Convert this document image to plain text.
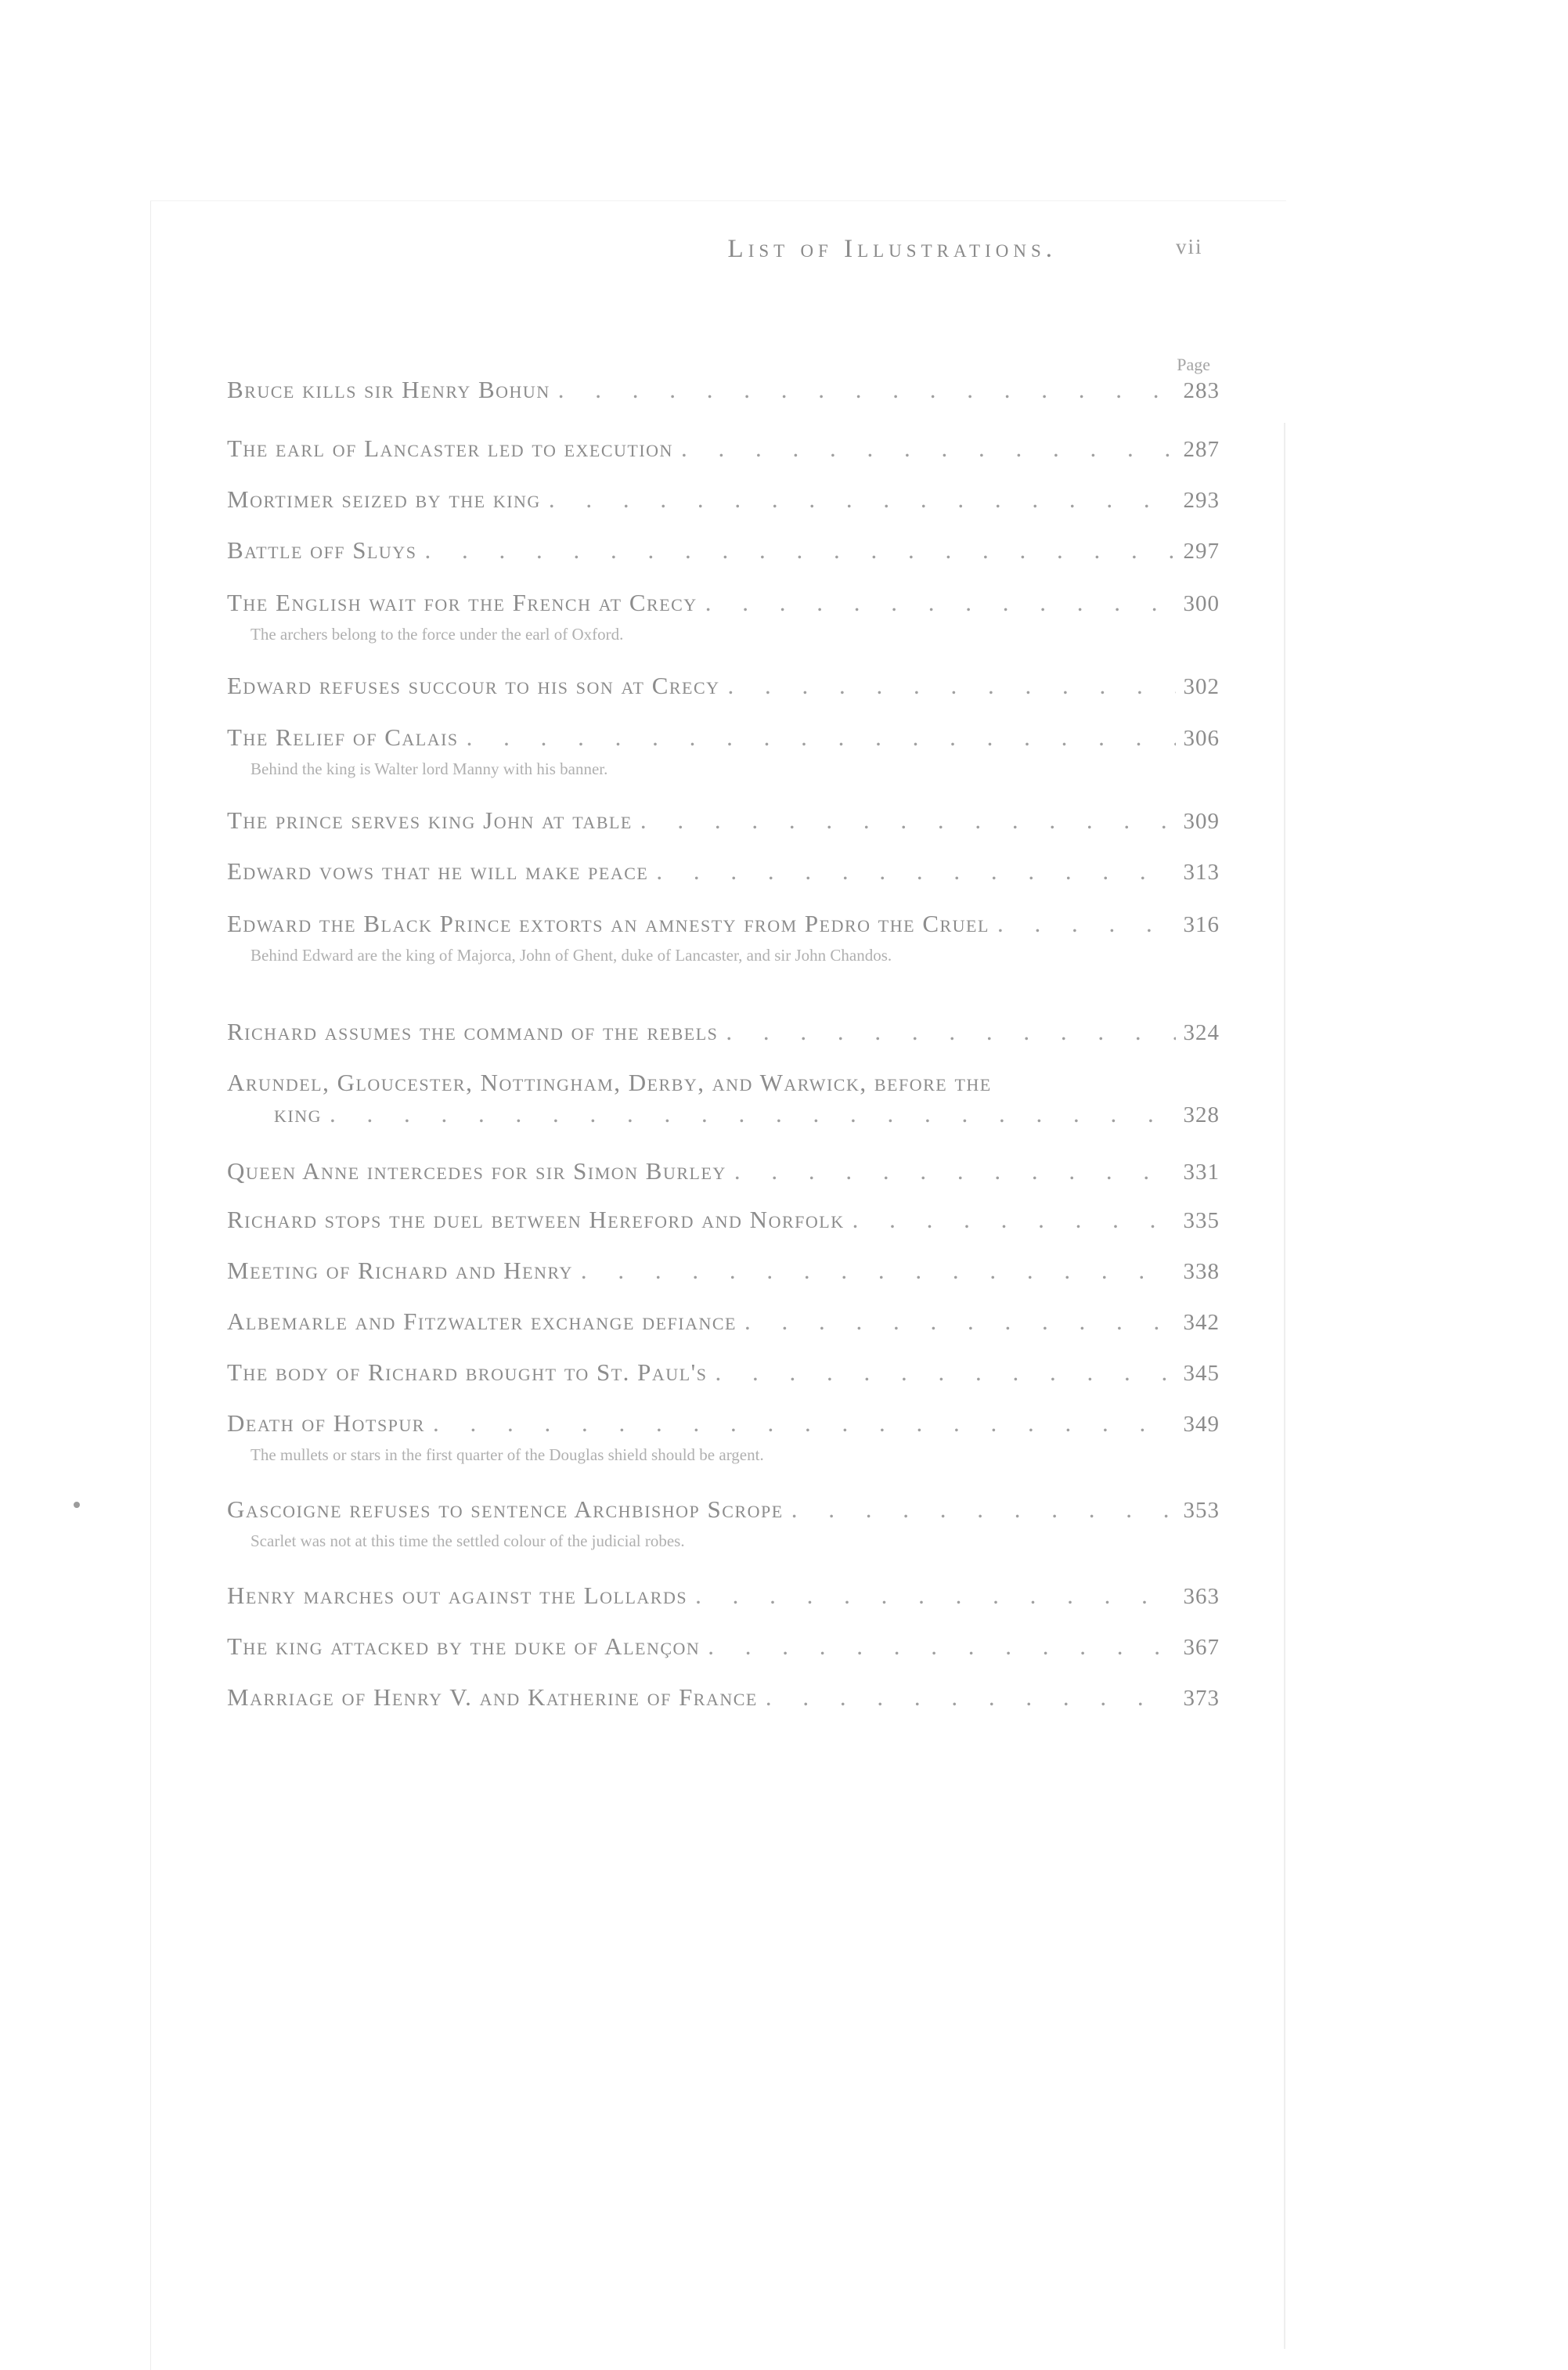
List of Illustrations.	vii
Page
Bruce kills sir Henry Bohun . . .	283
The earl of Lancaster led to execution . . .	287
Mortimer seized by the king . . .	293
Battle off Sluys . . .	297
The English wait for the French at Crecy . . .	300
The archers belong to the force under the earl of Oxford.
Edward refuses succour to his son at Crecy . . .	302
The Relief of Calais . . .	306
Behind the king is Walter lord Manny with his banner.
The prince serves king John at table . . .	309
Edward vows that he will make peace . . .	313
Edward the Black Prince extorts an amnesty from Pedro the Cruel . . .	316
Behind Edward are the king of Majorca, John of Ghent, duke of Lancaster, and sir John Chandos.
Richard assumes the command of the rebels . . .	324
Arundel, Gloucester, Nottingham, Derby, and Warwick, before the
king . . .	328
Queen Anne intercedes for sir Simon Burley . . .	331
Richard stops the duel between Hereford and Norfolk . . .	335
Meeting of Richard and Henry . . .	338
Albemarle and Fitzwalter exchange defiance . . .	342
The body of Richard brought to St. Paul's . . .	345
Death of Hotspur . . .	349
The mullets or stars in the first quarter of the Douglas shield should be argent.
Gascoigne refuses to sentence Archbishop Scrope . . .	353
Scarlet was not at this time the settled colour of the judicial robes.
Henry marches out against the Lollards . . .	363
The king attacked by the duke of Alençon . . .	367
Marriage of Henry V. and Katherine of France . . .	373
